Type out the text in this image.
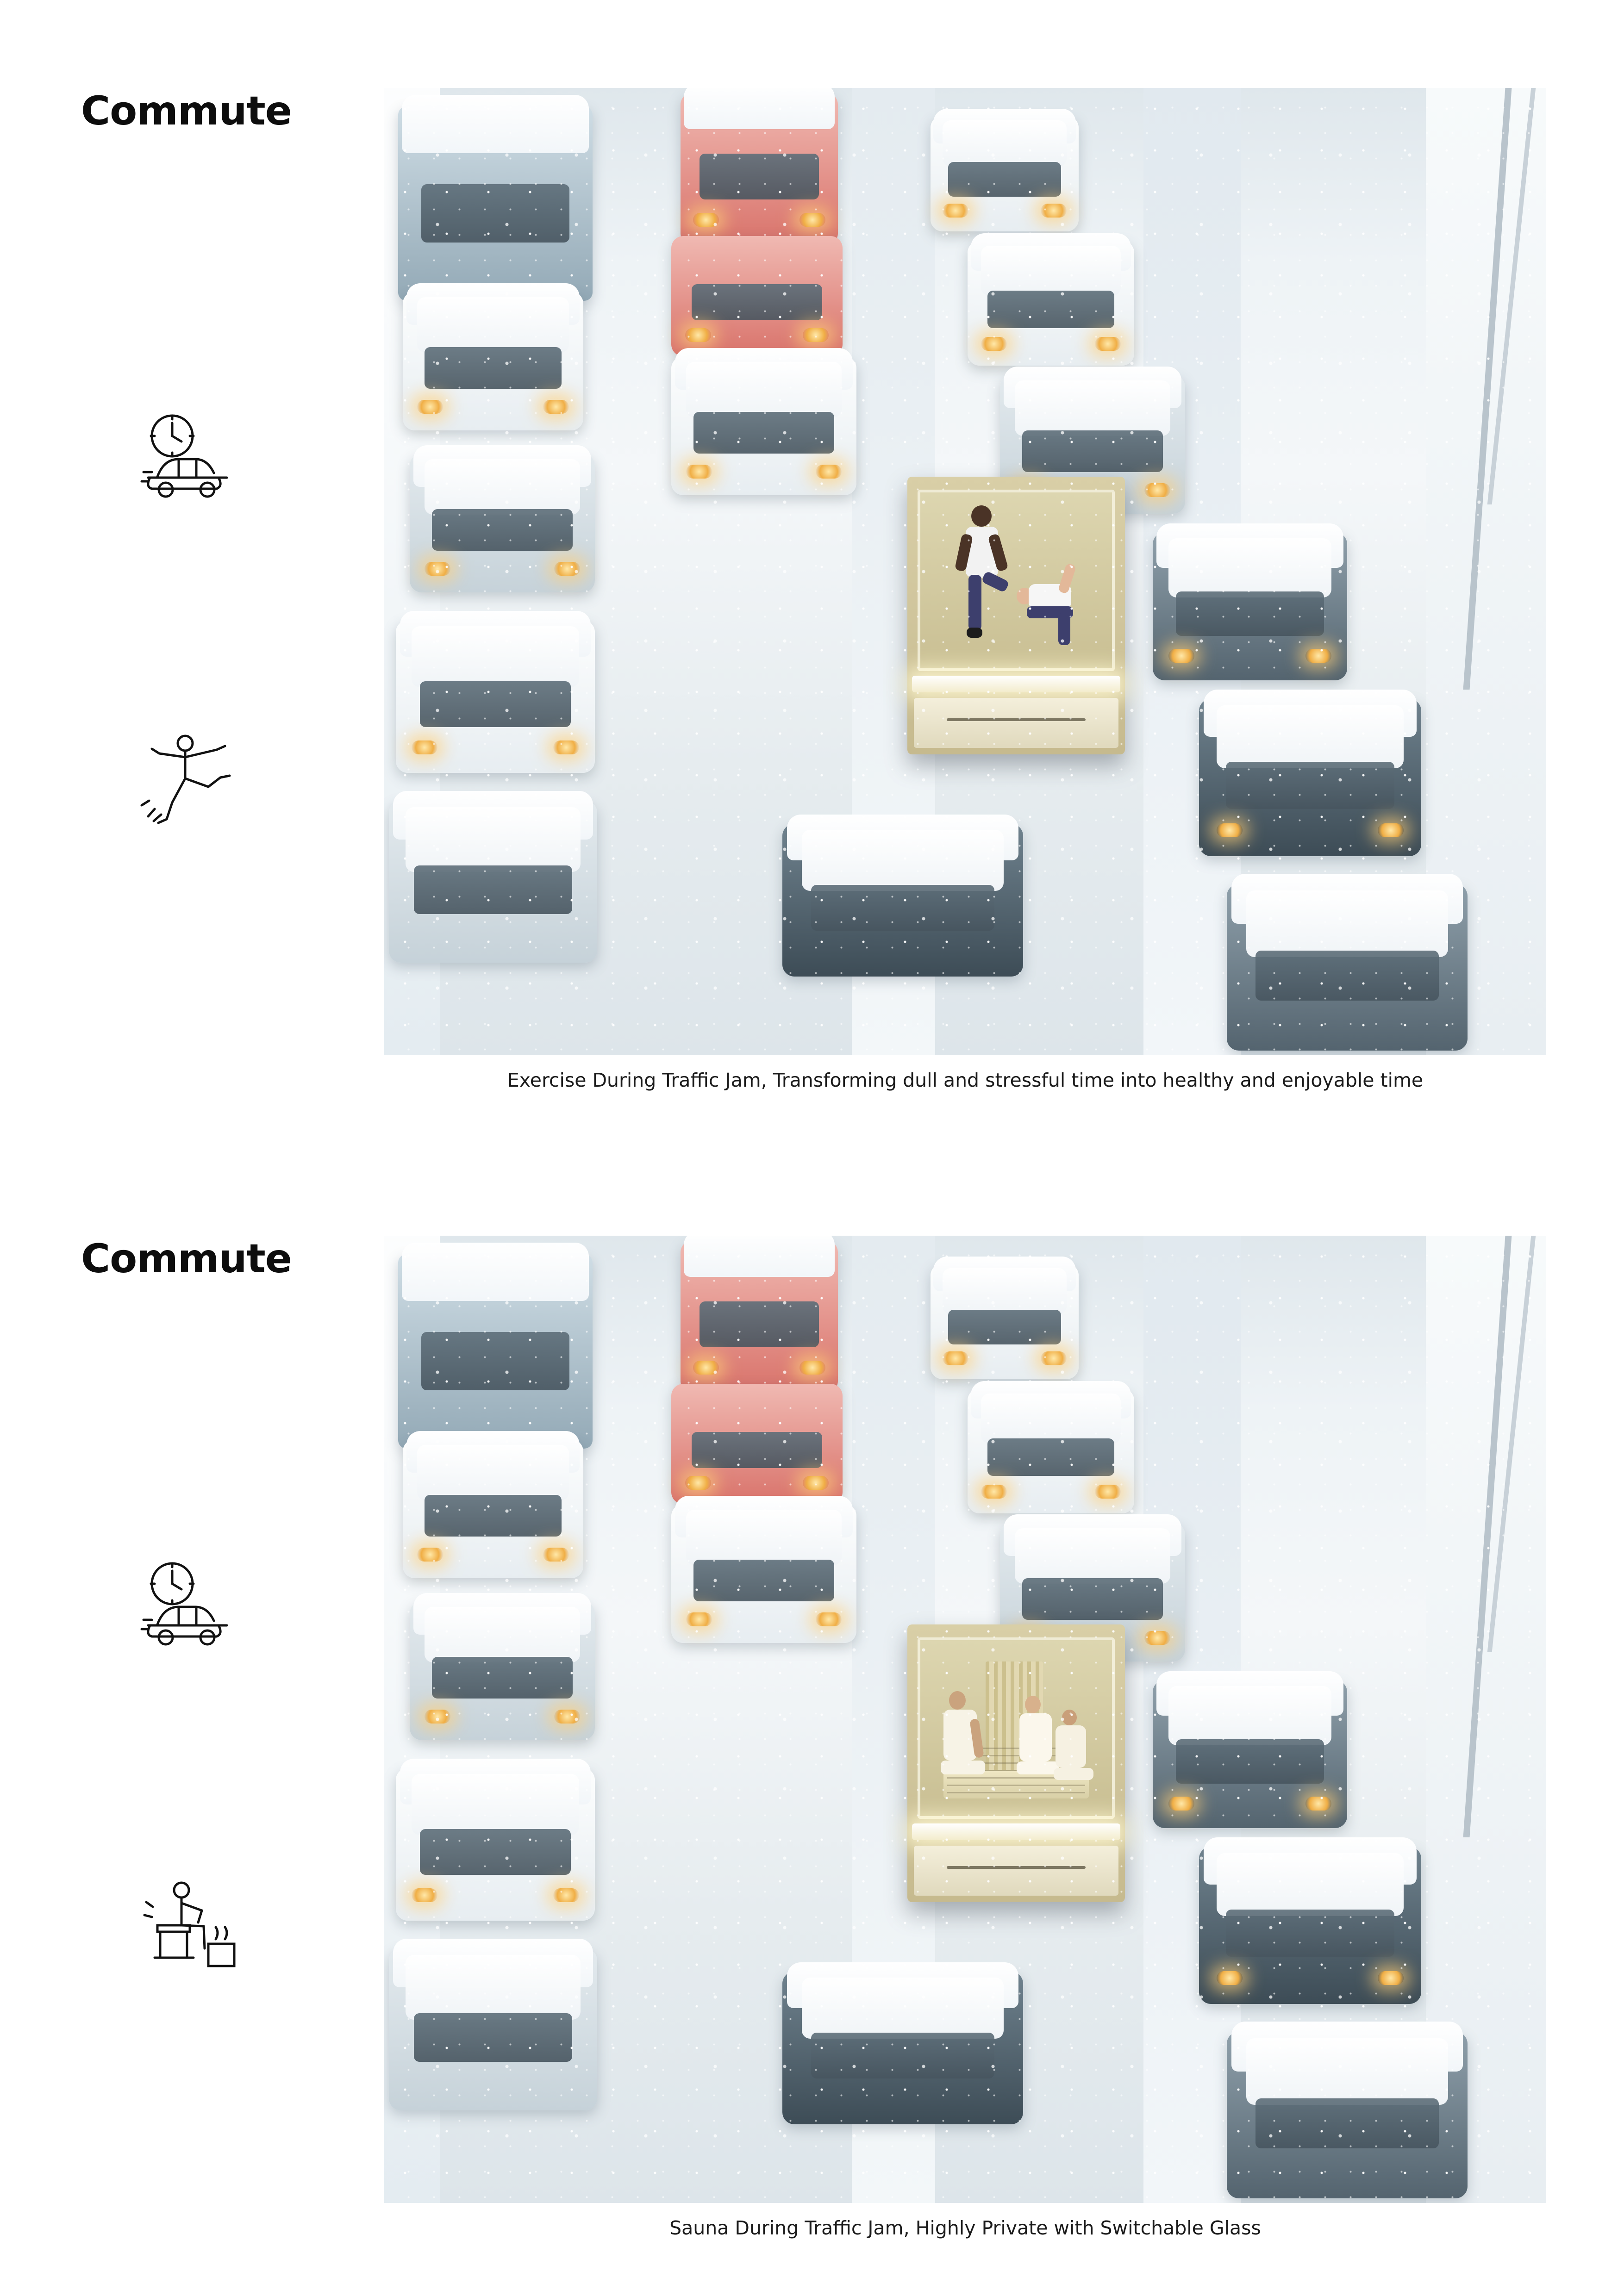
Commute
Exercise During Traffic Jam, Transforming dull and stressful time into healthy and enjoyable time
Commute
Sauna During Traffic Jam, Highly Private with Switchable Glass
